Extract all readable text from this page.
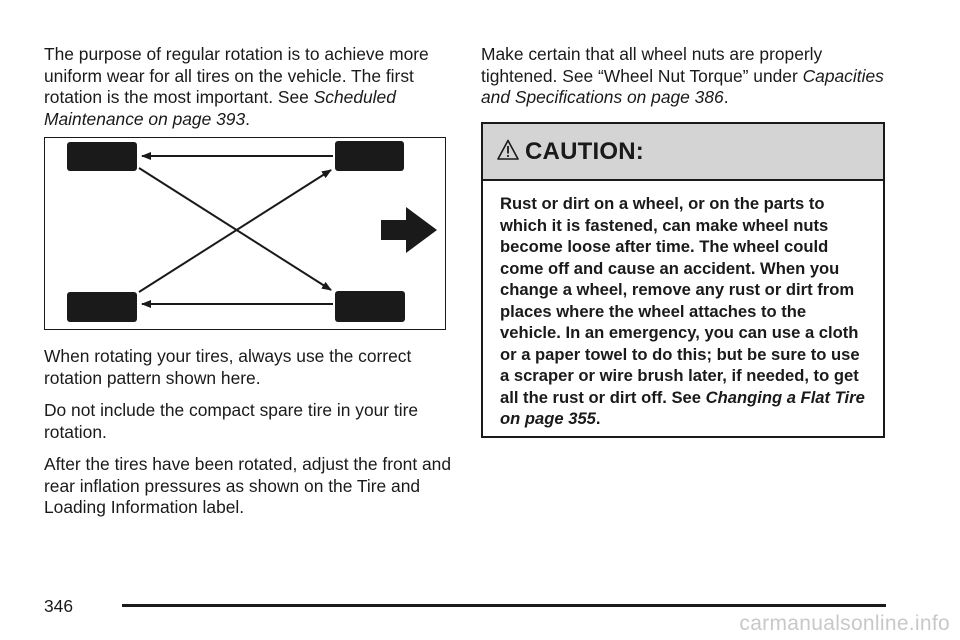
The purpose of regular rotation is to achieve more uniform wear for all tires on the vehicle. The first rotation is the most important. See Scheduled Maintenance on page 393.

When rotating your tires, always use the correct rotation pattern shown here.

Do not include the compact spare tire in your tire rotation.

After the tires have been rotated, adjust the front and rear inflation pressures as shown on the Tire and Loading Information label.

Make certain that all wheel nuts are properly tightened. See “Wheel Nut Torque” under Capacities and Specifications on page 386.

CAUTION:
Rust or dirt on a wheel, or on the parts to which it is fastened, can make wheel nuts become loose after time. The wheel could come off and cause an accident. When you change a wheel, remove any rust or dirt from places where the wheel attaches to the vehicle. In an emergency, you can use a cloth or a paper towel to do this; but be sure to use a scraper or wire brush later, if needed, to get all the rust or dirt off. See Changing a Flat Tire on page 355.
346
carmanualsonline.info
